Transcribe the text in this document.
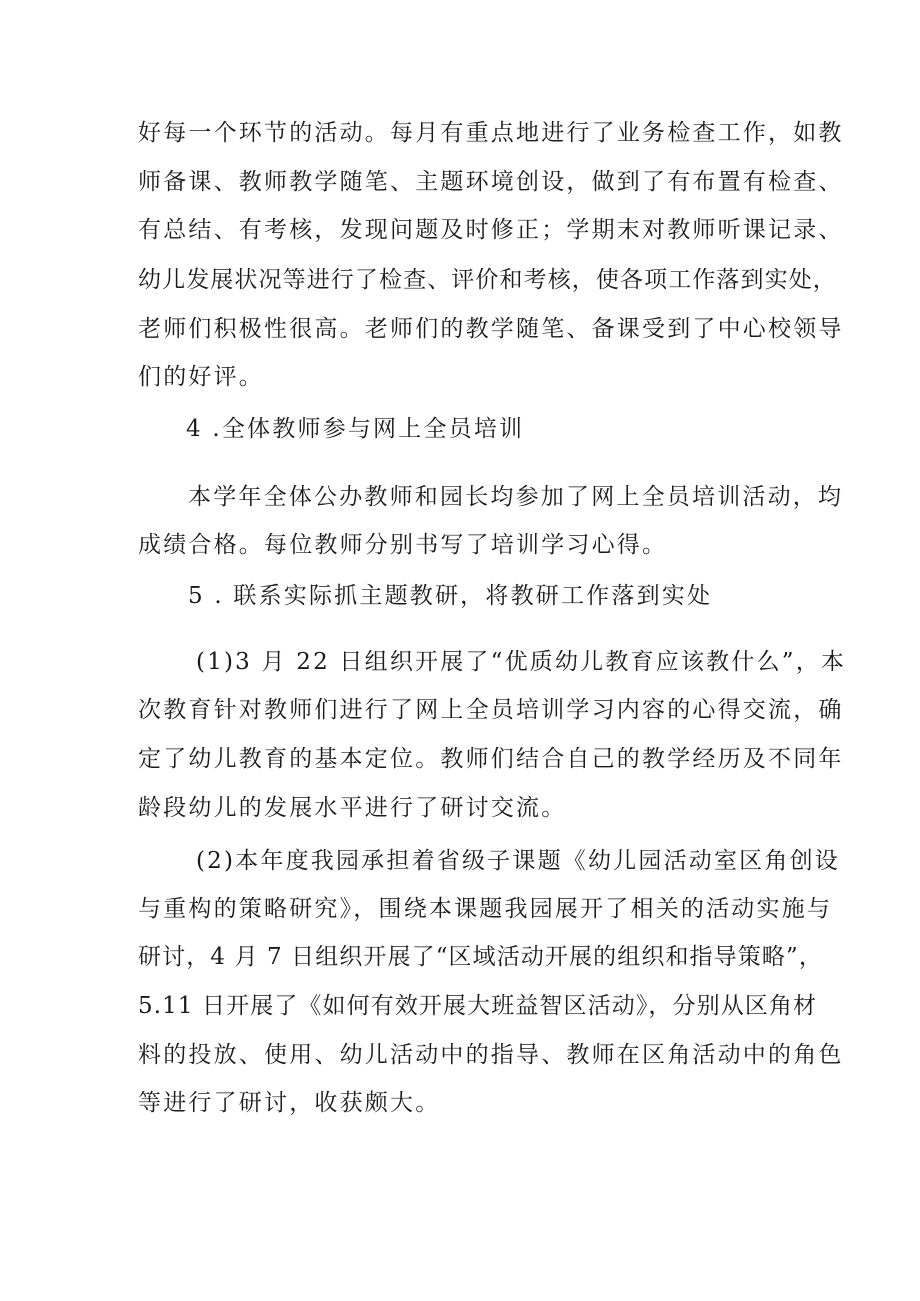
好每一个环节的活动。每月有重点地进行了业务检查工作，如教
师备课、教师教学随笔、主题环境创设，做到了有布置有检查、
有总结、有考核，发现问题及时修正；学期末对教师听课记录、
幼儿发展状况等进行了检查、评价和考核，使各项工作落到实处，
老师们积极性很高。老师们的教学随笔、备课受到了中心校领导
们的好评。
4 .全体教师参与网上全员培训
本学年全体公办教师和园长均参加了网上全员培训活动，均
成绩合格。每位教师分别书写了培训学习心得。
5 . 联系实际抓主题教研，将教研工作落到实处
(1)3 月 22 日组织开展了“优质幼儿教育应该教什么”，本
次教育针对教师们进行了网上全员培训学习内容的心得交流，确
定了幼儿教育的基本定位。教师们结合自己的教学经历及不同年
龄段幼儿的发展水平进行了研讨交流。
(2)本年度我园承担着省级子课题《幼儿园活动室区角创设
与重构的策略研究》，围绕本课题我园展开了相关的活动实施与
研讨，4 月 7 日组织开展了“区域活动开展的组织和指导策略”，
5.11 日开展了《如何有效开展大班益智区活动》，分别从区角材
料的投放、使用、幼儿活动中的指导、教师在区角活动中的角色
等进行了研讨，收获颇大。
